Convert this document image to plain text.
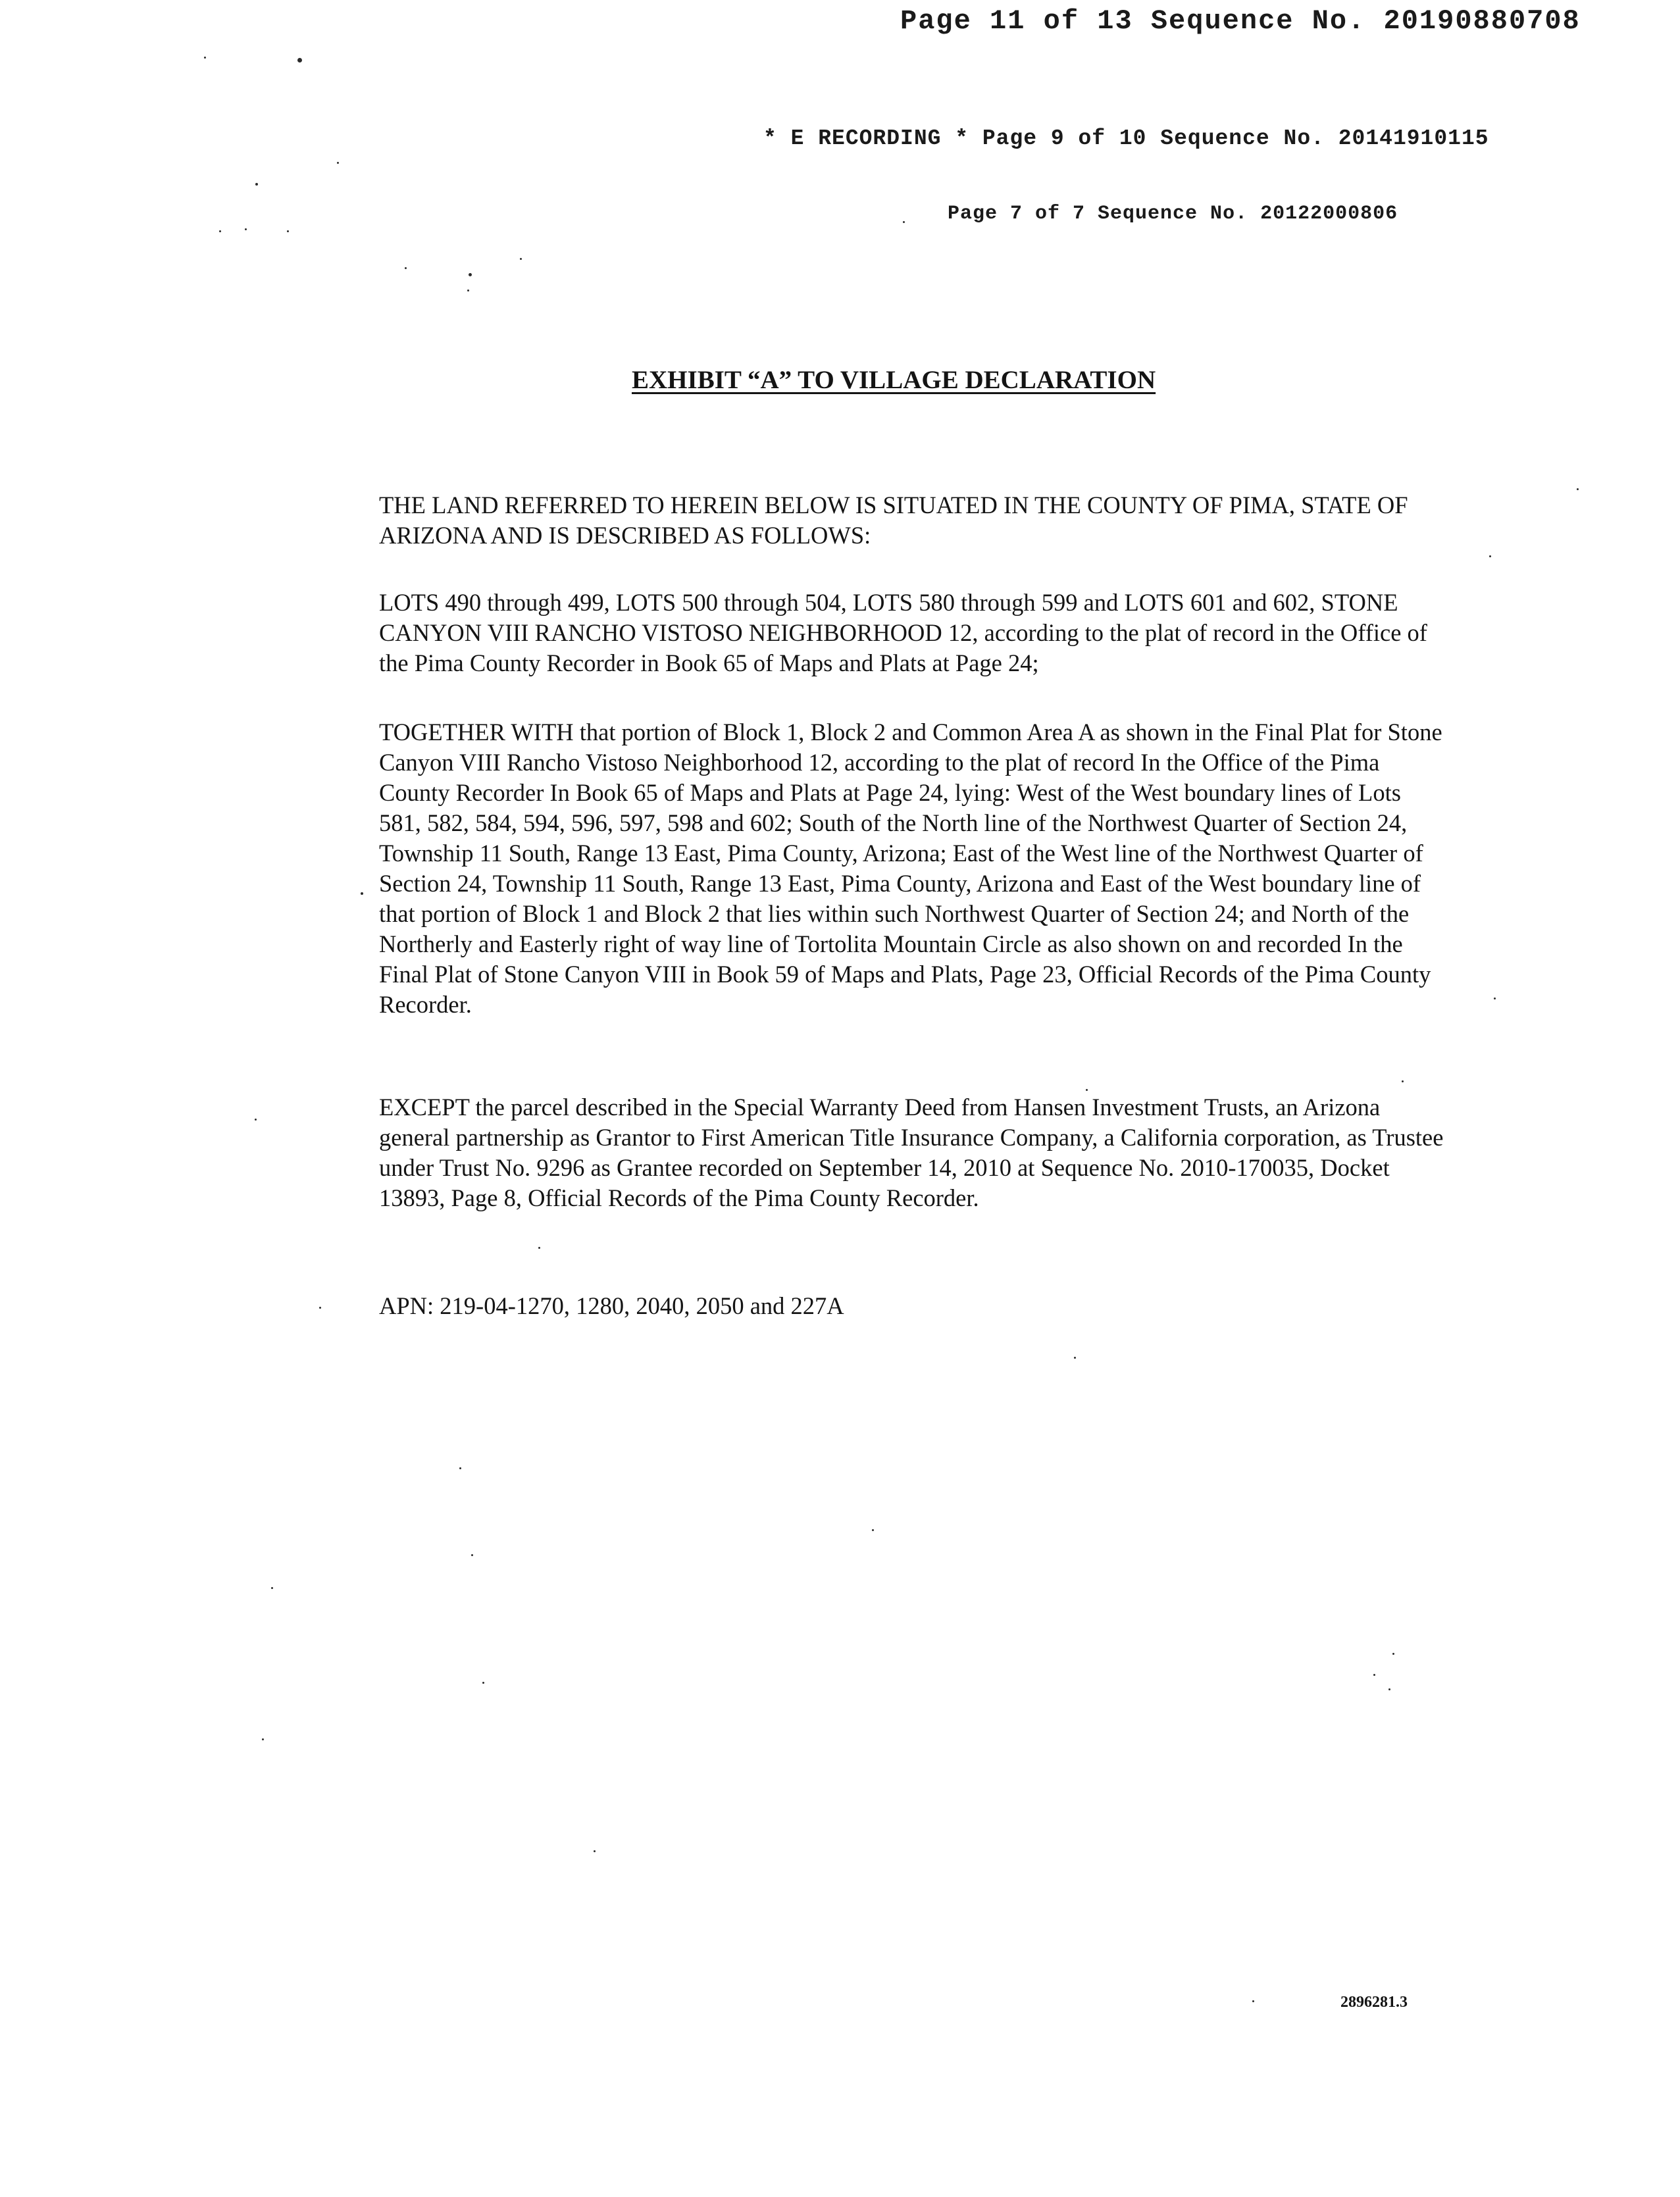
Page 11 of 13 Sequence No. 20190880708
* E RECORDING * Page 9 of 10 Sequence No. 20141910115
Page 7 of 7 Sequence No. 20122000806
EXHIBIT “A” TO VILLAGE DECLARATION

THE LAND REFERRED TO HEREIN BELOW IS SITUATED IN THE COUNTY OF PIMA, STATE OF ARIZONA AND IS DESCRIBED AS FOLLOWS:

LOTS 490 through 499, LOTS 500 through 504, LOTS 580 through 599 and LOTS 601 and 602, STONE CANYON VIII RANCHO VISTOSO NEIGHBORHOOD 12, according to the plat of record in the Office of the Pima County Recorder in Book 65 of Maps and Plats at Page 24;

TOGETHER WITH that portion of Block 1, Block 2 and Common Area A as shown in the Final Plat for Stone Canyon VIII Rancho Vistoso Neighborhood 12, according to the plat of record In the Office of the Pima County Recorder In Book 65 of Maps and Plats at Page 24, lying: West of the West boundary lines of Lots 581, 582, 584, 594, 596, 597, 598 and 602; South of the North line of the Northwest Quarter of Section 24, Township 11 South, Range 13 East, Pima County, Arizona; East of the West line of the Northwest Quarter of Section 24, Township 11 South, Range 13 East, Pima County, Arizona and East of the West boundary line of that portion of Block 1 and Block 2 that lies within such Northwest Quarter of Section 24; and North of the Northerly and Easterly right of way line of Tortolita Mountain Circle as also shown on and recorded In the Final Plat of Stone Canyon VIII in Book 59 of Maps and Plats, Page 23, Official Records of the Pima County Recorder.

EXCEPT the parcel described in the Special Warranty Deed from Hansen Investment Trusts, an Arizona general partnership as Grantor to First American Title Insurance Company, a California corporation, as Trustee under Trust No. 9296 as Grantee recorded on September 14, 2010 at Sequence No. 2010-170035, Docket 13893, Page 8, Official Records of the Pima County Recorder.

APN: 219-04-1270, 1280, 2040, 2050 and 227A

2896281.3
